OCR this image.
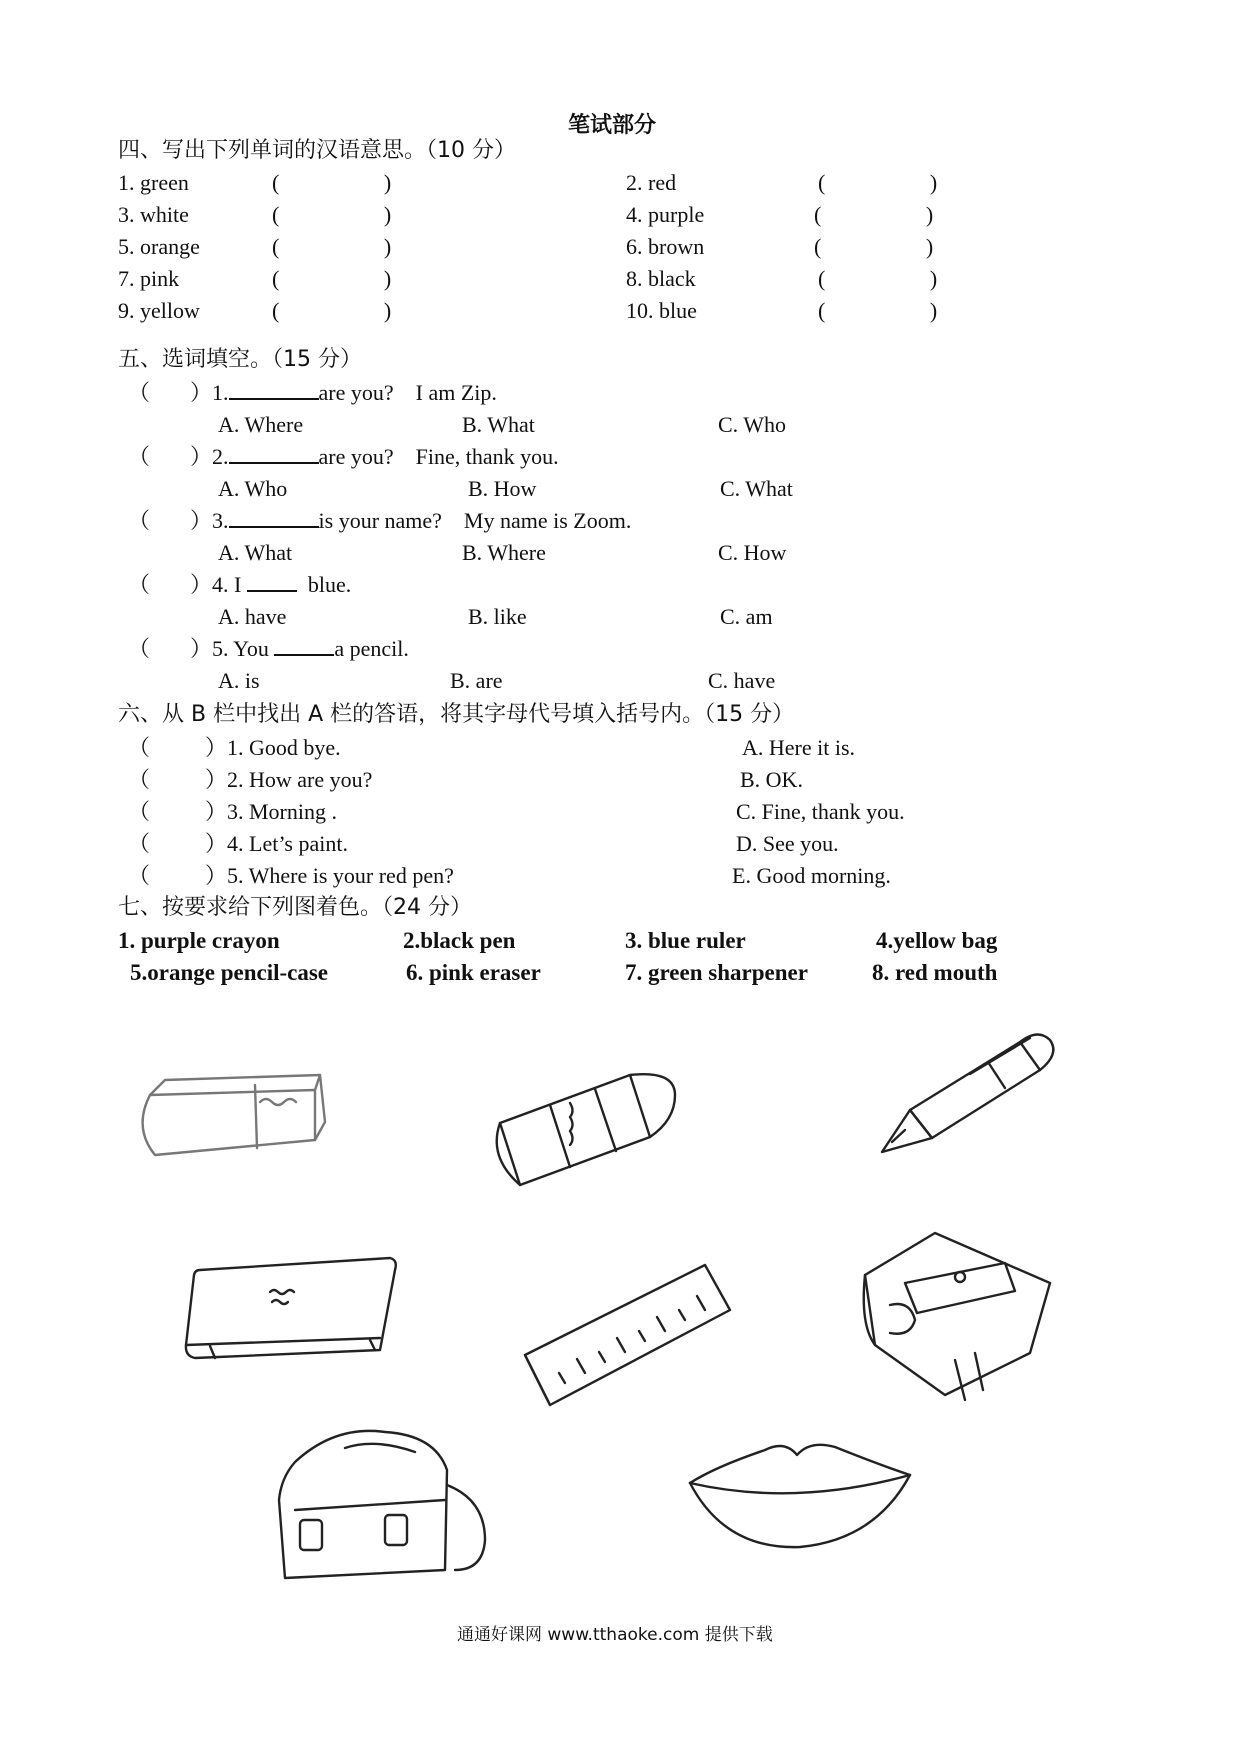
笔试部分
四、写出下列单词的汉语意思。（10 分）
1. green	(                   )	2. red	(                   )
3. white	(                   )	4. purple	(                   )
5. orange	(                   )	6. brown	(                   )
7. pink	(                   )	8. black	(                   )
9. yellow	(                   )	10. blue	(                   )
五、选词填空。（15 分）
（ ）1.	are you? I am Zip.
A. Where	B. What	C. Who
（ ）2.	are you? Fine, thank you.
A. Who	B. How	C. What
（ ）3.	is your name? My name is Zoom.
A. What	B. Where	C. How
（ ）4. I	blue.
A. have	B. like	C. am
（ ）5. You	a pencil.
A. is	B. are	C. have
六、从 B 栏中找出 A 栏的答语，将其字母代号填入括号内。（15 分）
（ ）1. Good bye.	A. Here it is.
（ ）2. How are you?	B. OK.
（ ）3. Morning .	C. Fine, thank you.
（ ）4. Let’s paint.	D. See you.
（ ）5. Where is your red pen?	E. Good morning.
七、按要求给下列图着色。（24 分）
1. purple crayon	2.black pen	3. blue ruler	4.yellow bag
5.orange pencil-case	6. pink eraser	7. green sharpener	8. red mouth
通通好课网 www.tthaoke.com 提供下载
